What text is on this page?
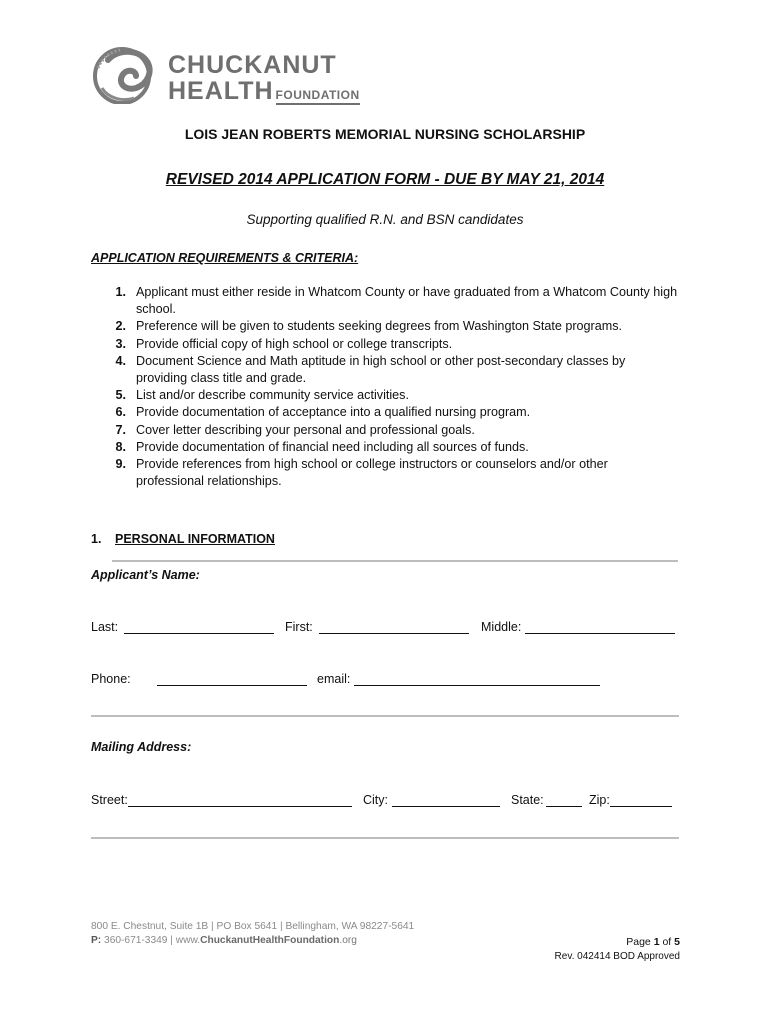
CHUCKANUT
HEALTH FOUNDATION
LOIS JEAN ROBERTS MEMORIAL NURSING SCHOLARSHIP
REVISED 2014 APPLICATION FORM - DUE BY MAY 21, 2014
Supporting qualified R.N. and BSN candidates
APPLICATION REQUIREMENTS & CRITERIA:
1. Applicant must either reside in Whatcom County or have graduated from a Whatcom County high school.
2. Preference will be given to students seeking degrees from Washington State programs.
3. Provide official copy of high school or college transcripts.
4. Document Science and Math aptitude in high school or other post-secondary classes by providing class title and grade.
5. List and/or describe community service activities.
6. Provide documentation of acceptance into a qualified nursing program.
7. Cover letter describing your personal and professional goals.
8. Provide documentation of financial need including all sources of funds.
9. Provide references from high school or college instructors or counselors and/or other professional relationships.
1. PERSONAL INFORMATION
Applicant’s Name:
Last:	First:	Middle:
Phone:	email:
Mailing Address:
Street:	City:	State:	Zip:
800 E. Chestnut, Suite 1B | PO Box 5641 | Bellingham, WA 98227-5641
P: 360-671-3349 | www.ChuckanutHealthFoundation.org	Page 1 of 5
Rev. 042414 BOD Approved
